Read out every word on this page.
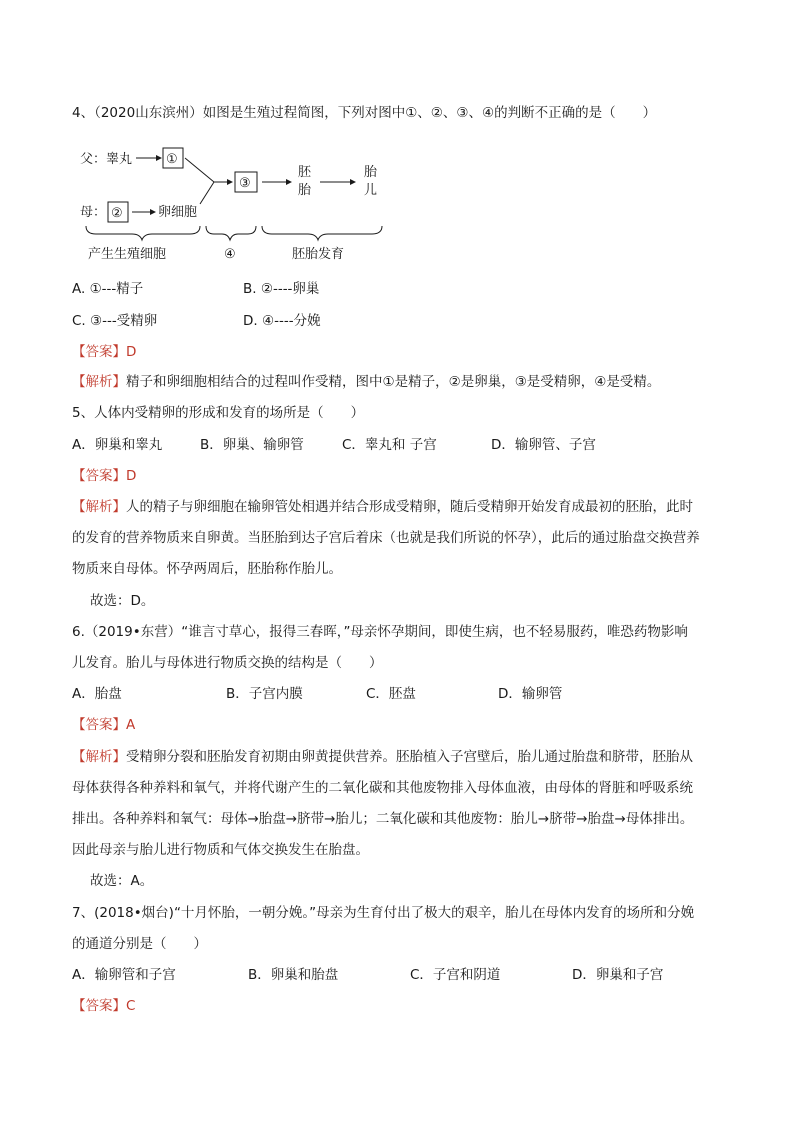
4、（2020山东滨州）如图是生殖过程简图，下列对图中①、②、③、④的判断不正确的是（　　）
父：睾丸	①
母： ②	卵细胞
③
胚
胎
胎
儿
产生生殖细胞	④	胚胎发育
A. ①---精子	B. ②----卵巢
C. ③---受精卵	D. ④----分娩
【答案】D
【解析】精子和卵细胞相结合的过程叫作受精，图中①是精子，②是卵巢，③是受精卵，④是受精。
5、人体内受精卵的形成和发育的场所是（　　）
A．卵巢和睾丸	B．卵巢、输卵管	C．睾丸和 子宫	D．输卵管、子宫
【答案】D
【解析】人的精子与卵细胞在输卵管处相遇并结合形成受精卵，随后受精卵开始发育成最初的胚胎，此时
的发育的营养物质来自卵黄。当胚胎到达子宫后着床（也就是我们所说的怀孕），此后的通过胎盘交换营养
物质来自母体。怀孕两周后，胚胎称作胎儿。
故选：D。
6.（2019•东营）“谁言寸草心，报得三春晖，”母亲怀孕期间，即使生病，也不轻易服药，唯恐药物影响
儿发育。胎儿与母体进行物质交换的结构是（　　）
A．胎盘	B．子宫内膜	C．胚盘	D．输卵管
【答案】A
【解析】受精卵分裂和胚胎发育初期由卵黄提供营养。胚胎植入子宫壁后，胎儿通过胎盘和脐带，胚胎从
母体获得各种养料和氧气，并将代谢产生的二氧化碳和其他废物排入母体血液，由母体的肾脏和呼吸系统
排出。各种养料和氧气：母体→胎盘→脐带→胎儿；二氧化碳和其他废物：胎儿→脐带→胎盘→母体排出。
因此母亲与胎儿进行物质和气体交换发生在胎盘。
故选：A。
7、(2018•烟台)“十月怀胎，一朝分娩。”母亲为生育付出了极大的艰辛，胎儿在母体内发育的场所和分娩
的通道分别是（　　）
A．输卵管和子宫	B．卵巢和胎盘	C．子宫和阴道	D．卵巢和子宫
【答案】C
